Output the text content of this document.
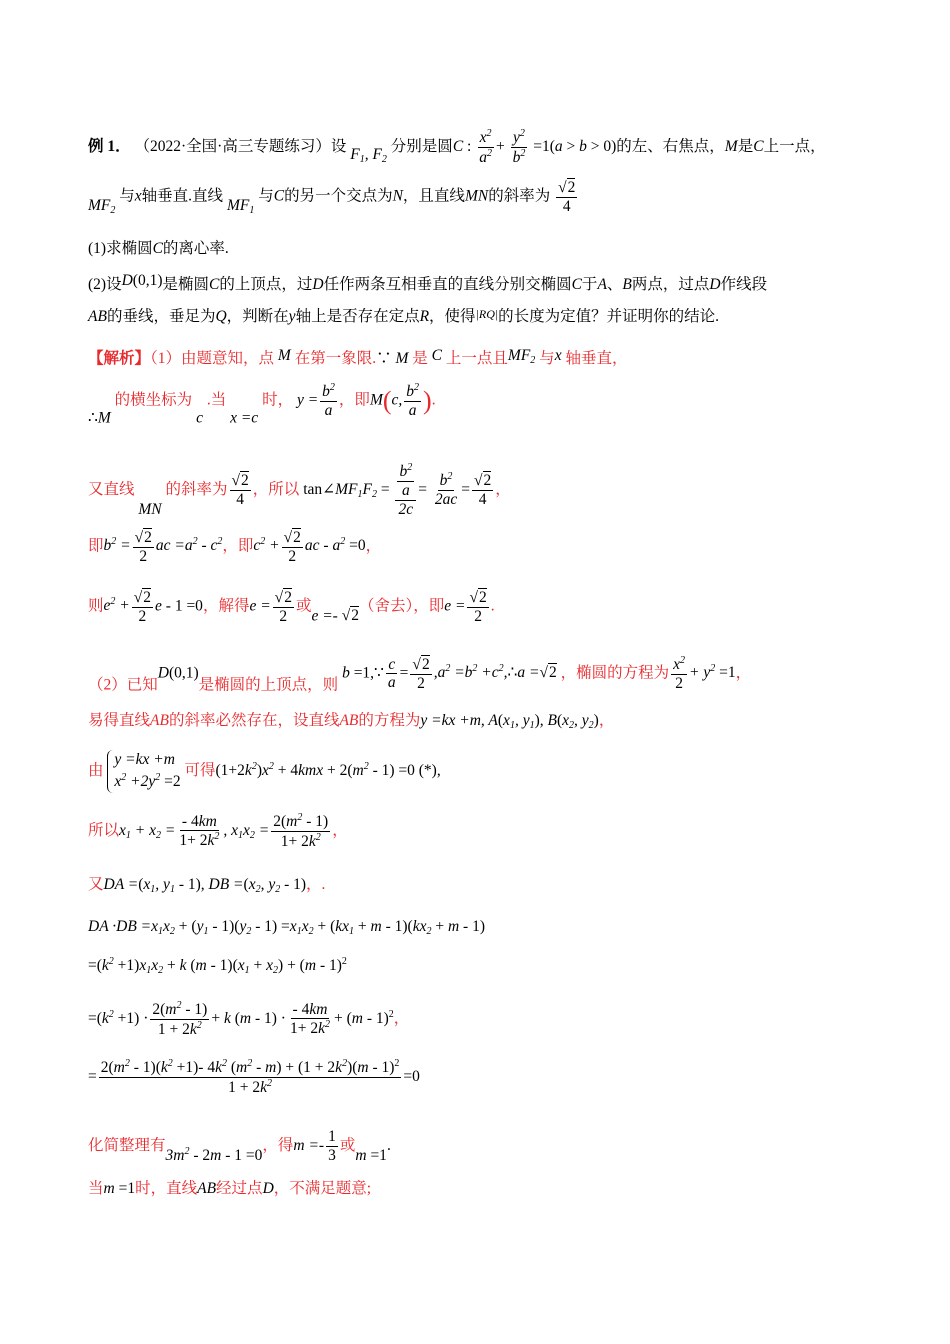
例 1． （2022·全国·高三专题练习）设 $F_1$, $F_2$ 分别是圆C : $\frac{x^2}{a^2} + \frac{y^2}{b^2} =1(a > b > 0)$的左、右焦点，M是C上一点，
$MF_2$ 与x轴垂直.直线 $MF_1$ 与C的另一个交点为N，且直线MN的斜率为 $\frac{√2}{4}$
(1)求椭圆C的离心率.
(2)设D(0,1)是椭圆C的上顶点，过D任作两条互相垂直的直线分别交椭圆C于A、B两点，过点D作线段
AB的垂线，垂足为Q，判断在y轴上是否存在定点R，使得|RQ|的长度为定值？并证明你的结论.
【解析】（1）由题意知，点 M 在第一象限.∵ M 是 C 上一点且$MF_2$ 与x 轴垂直，
∴M 的横坐标为 c .当 x =c 时， $y = \frac{b^2}{a}$ ，即M(c, $\frac{b^2}{a}$ ).
又直线 MN 的斜率为 $\frac{√2}{4}$ ，所以 $\tan\angle MF_1F_2 = \frac{\frac{b^2}{a}}{2c} = \frac{b^2}{2ac} = \frac{√2}{4}$ ，
即$b^2 = \frac{√2}{2}$ ac $=a^2 - c^2$，即$c^2 + \frac{√2}{2}$ ac - $a^2 =0$，
则$e^2 + \frac{√2}{2}$ e - 1 =0，解得$e = \frac{√2}{2}$ 或e =- √2（舍去），即$e = \frac{√2}{2}$ .
（2）已知D(0,1)是椭圆的上顶点，则 b =1,∵ $\frac{c}{a} = \frac{√2}{2} ,a^2 =b^2$ $+c^2,\therefore a =√2$ ，椭圆的方程为 $\frac{x^2}{2} + y^2 =1$，
易得直线AB的斜率必然存在，设直线AB的方程为y =kx +m, $A(x_1$, $y_1$), $B(x_2$, $y_2$)，
由
y =kx +m
$x^2 +2y^2 =2$
可得$(1+2k^2)x^2 + 4kmx + 2(m^2 - 1) =0$ (*),
所以$x_1 + x_2 = \frac{- 4km}{1+ 2k^2}$ , $x_1x_2 = \frac{2(m^2 - 1)}{1+ 2k^2}$ ，
又DA $=(x_1$, $y_1 - 1$), DB $=(x_2$, $y_2 - 1$)，.
DA $\cdot DB =x_1x_2 + (y_1 - 1)(y_2 - 1) =x_1x_2 + (kx_1 + m - 1)(kx_2 + m - 1)$
$=(k^2 +1)x_1x_2 + k$ $(m - 1)(x_1 + x_2) + (m - 1)^2$
$=(k^2 +1) \cdot \frac{2(m^2 - 1)}{1 + 2k^2} + k$ $(m - 1) \cdot \frac{- 4km}{1+ 2k^2} + (m - 1)^2$，
= $\frac{2(m^2 - 1)(k^2 +1)- 4k^2 (m^2 - m) + (1 + 2k^2)(m - 1)^2}{1 + 2k^2} =0$
化简整理有$3m^2 - 2m - 1 =0$，得$m =- \frac{1}{3}$ 或m =1.
当m =1时，直线AB经过点D，不满足题意;
